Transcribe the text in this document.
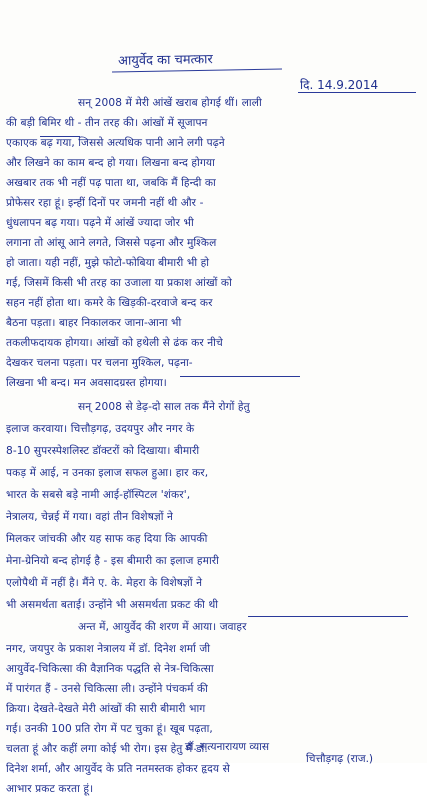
आयुर्वेद का चमत्कार
दि. 14.9.2014
सन् 2008 में मेरी आंखें खराब होगई थीं। लाली
की बड़ी बिमिर थी - तीन तरह की। आंखों में सूजापन
एकाएक बढ़ गया, जिससे अत्यधिक पानी आने लगी पढ़ने
और लिखने का काम बन्द हो गया। लिखना बन्द होगया
अखबार तक भी नहीं पढ़ पाता था, जबकि मैं हिन्दी का
प्रोफेसर रहा हूं। इन्हीं दिनों पर जमनी नहीं थी और -
धुंधलापन बढ़ गया। पढ़ने में आंखें ज्यादा जोर भी
लगाना तो आंसू आने लगते, जिससे पढ़ना और मुश्किल
हो जाता। यही नहीं, मुझे फोटो-फोबिया बीमारी भी हो
गई, जिसमें किसी भी तरह का उजाला या प्रकाश आंखों को
सहन नहीं होता था। कमरे के खिड़की-दरवाजे बन्द कर
बैठना पड़ता। बाहर निकालकर जाना-आना भी
तकलीफदायक होगया। आंखों को हथेली से ढंक कर नीचे
देखकर चलना पड़ता। पर चलना मुश्किल, पढ़ना-
लिखना भी बन्द। मन अवसादग्रस्त होगया।
सन् 2008 से डेढ़-दो साल तक मैंने रोगों हेतु
इलाज करवाया। चित्तौड़गढ़, उदयपुर और नगर के
8-10 सुपरस्पेशलिस्ट डॉक्टरों को दिखाया। बीमारी
पकड़ में आई, न उनका इलाज सफल हुआ। हार कर,
भारत के सबसे बड़े नामी आई-हॉस्पिटल 'शंकर',
नेत्रालय, चेन्नई में गया। वहां तीन विशेषज्ञों ने
मिलकर जांचकी और यह साफ कह दिया कि आपकी
मेना-ग्रेनियो बन्द होगई है - इस बीमारी का इलाज हमारी
एलोपैथी में नहीं है। मैंने ए. के. मेहरा के विशेषज्ञों ने
भी असमर्थता बताई। उन्होंने भी असमर्थता प्रकट की थी
अन्त में, आयुर्वेद की शरण में आया। जवाहर
नगर, जयपुर के प्रकाश नेत्रालय में डॉ. दिनेश शर्मा जी
आयुर्वेद-चिकित्सा की वैज्ञानिक पद्धति से नेत्र-चिकित्सा
में पारंगत हैं - उनसे चिकित्सा ली। उन्होंने पंचकर्म की
क्रिया। देखते-देखते मेरी आंखों की सारी बीमारी भाग
गई। उनकी 100 प्रति रोग में पट चुका हूं। खूब पढ़ता,
चलता हूं और कहीं लगा कोई भी रोग। इस हेतु मैं डॉ.
दिनेश शर्मा, और आयुर्वेद के प्रति नतमस्तक होकर हृदय से
आभार प्रकट करता हूं।
डॉ. सत्यनारायण व्यास
चित्तौड़गढ़ (राज.)
